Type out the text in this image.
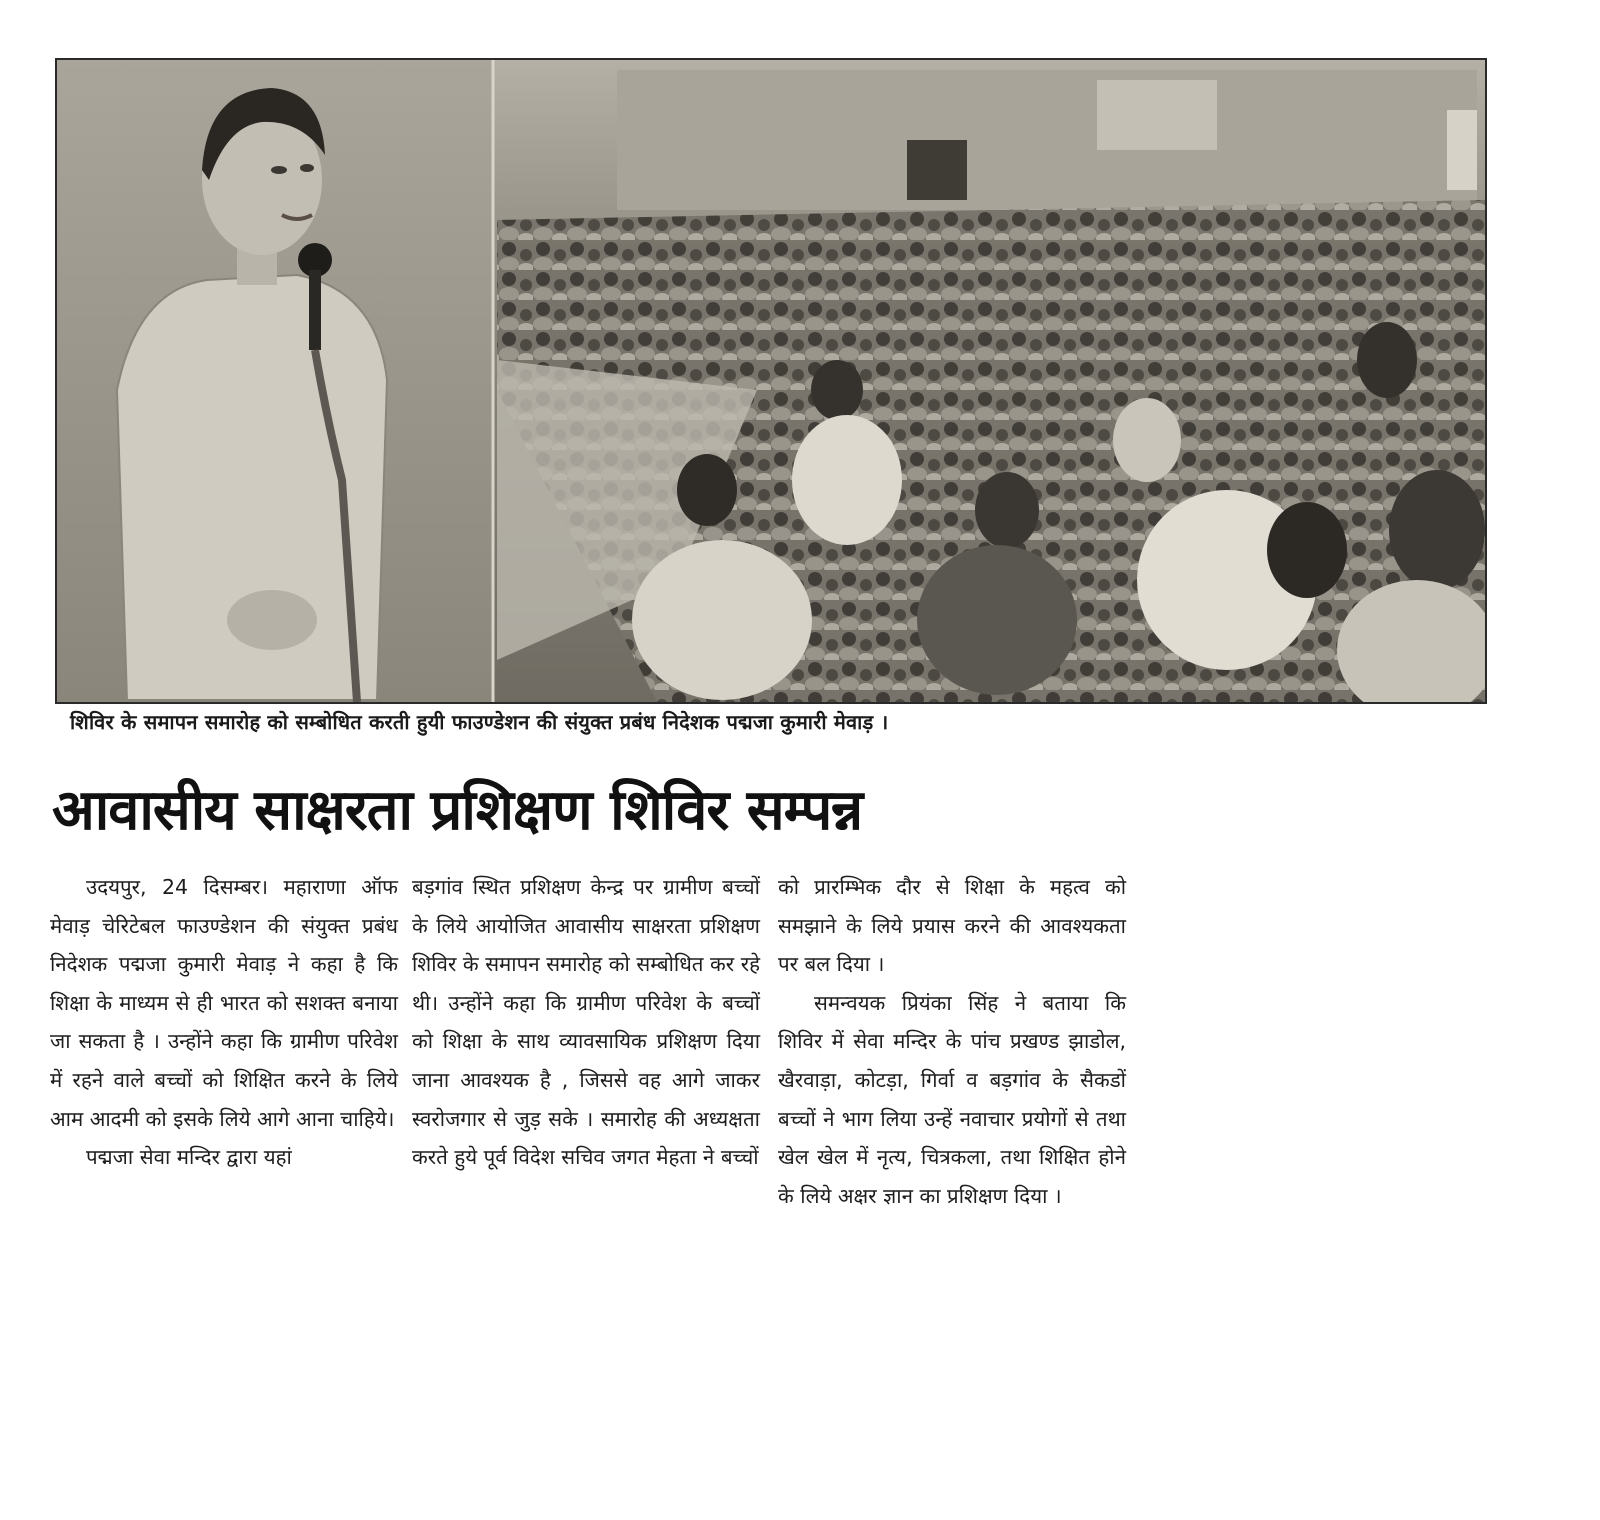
शिविर के समापन समारोह को सम्बोधित करती हुयी फाउण्डेशन की संयुक्त प्रबंध निदेशक पद्मजा कुमारी मेवाड़ ।
आवासीय साक्षरता प्रशिक्षण शिविर सम्पन्न

उदयपुर, 24 दिसम्बर। महाराणा ऑफ मेवाड़ चेरिटेबल फाउण्डेशन की संयुक्त प्रबंध निदेशक पद्मजा कुमारी मेवाड़ ने कहा है कि शिक्षा के माध्यम से ही भारत को सशक्त बनाया जा सकता है । उन्होंने कहा कि ग्रामीण परिवेश में रहने वाले बच्चों को शिक्षित करने के लिये आम आदमी को इसके लिये आगे आना चाहिये।

पद्मजा सेवा मन्दिर द्वारा यहां

बड़गांव स्थित प्रशिक्षण केन्द्र पर ग्रामीण बच्चों के लिये आयोजित आवासीय साक्षरता प्रशिक्षण शिविर के समापन समारोह को सम्बोधित कर रहे थी। उन्होंने कहा कि ग्रामीण परिवेश के बच्चों को शिक्षा के साथ व्यावसायिक प्रशिक्षण दिया जाना आवश्यक है , जिससे वह आगे जाकर स्वरोजगार से जुड़ सके । समारोह की अध्यक्षता करते हुये पूर्व विदेश सचिव जगत मेहता ने बच्चों

को प्रारम्भिक दौर से शिक्षा के महत्व को समझाने के लिये प्रयास करने की आवश्यकता पर बल दिया ।

समन्वयक प्रियंका सिंह ने बताया कि शिविर में सेवा मन्दिर के पांच प्रखण्ड झाडोल, खैरवाड़ा, कोटड़ा, गिर्वा व बड़गांव के सैकडों बच्चों ने भाग लिया उन्हें नवाचार प्रयोगों से तथा खेल खेल में नृत्य, चित्रकला, तथा शिक्षित होने के लिये अक्षर ज्ञान का प्रशिक्षण दिया ।
